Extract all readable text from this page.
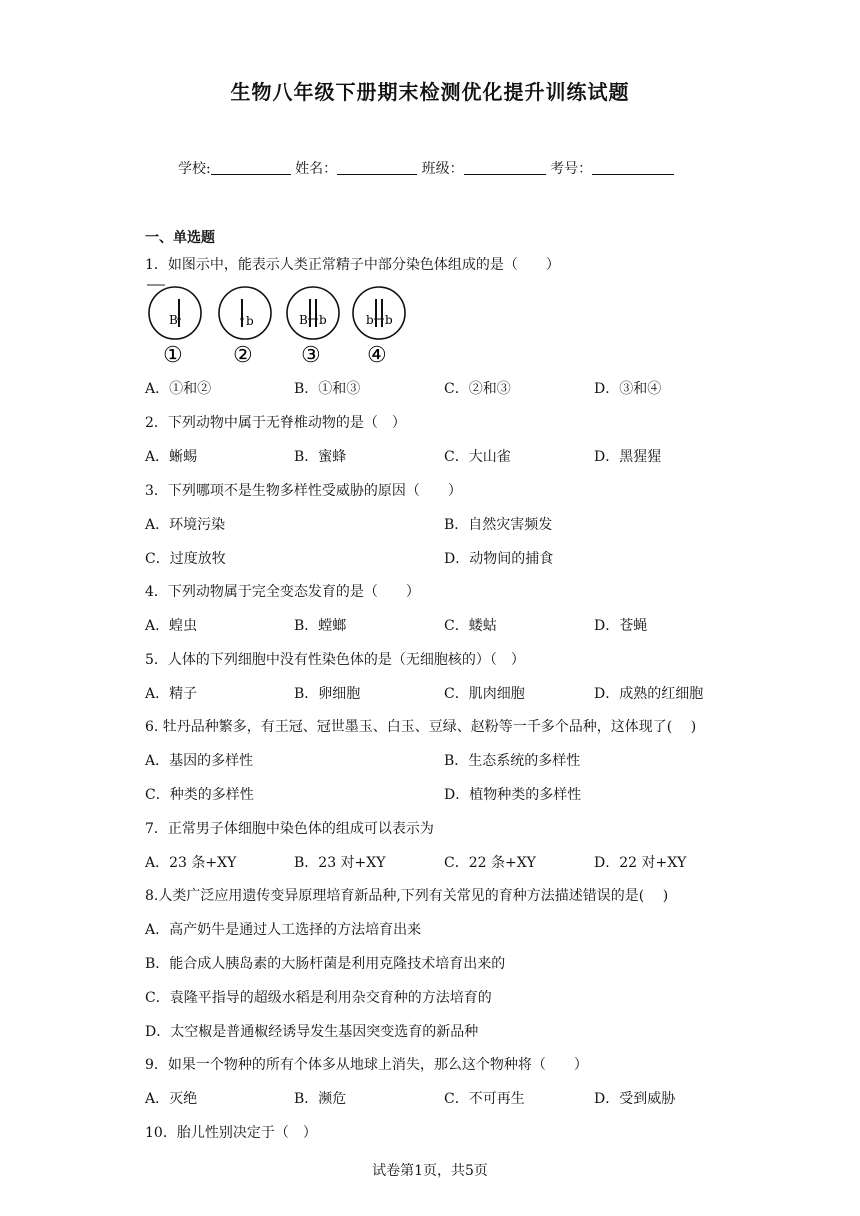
生物八年级下册期末检测优化提升训练试题
学校:	姓名：	班级：	考号：
一、单选题
1．如图示中，能表示人类正常精子中部分染色体组成的是（　　）
B
①
b
②
B b
③
b b
④
A．①和②	B．①和③	C．②和③	D．③和④
2．下列动物中属于无脊椎动物的是（　）
A．蜥蜴	B．蜜蜂	C．大山雀	D．黑猩猩
3．下列哪项不是生物多样性受威胁的原因（　　）
A．环境污染	B．自然灾害频发
C．过度放牧	D．动物间的捕食
4．下列动物属于完全变态发育的是（　　）
A．蝗虫	B．螳螂	C．蝼蛄	D．苍蝇
5．人体的下列细胞中没有性染色体的是（无细胞核的）（　）
A．精子	B．卵细胞	C．肌肉细胞	D．成熟的红细胞
6. 牡丹品种繁多，有王冠、冠世墨玉、白玉、豆绿、赵粉等一千多个品种，这体现了(　 )
A．基因的多样性	B．生态系统的多样性
C．种类的多样性	D．植物种类的多样性
7．正常男子体细胞中染色体的组成可以表示为
A．23 条+XY	B．23 对+XY	C．22 条+XY	D．22 对+XY
8.人类广泛应用遗传变异原理培育新品种,下列有关常见的育种方法描述错误的是(　 )
A．高产奶牛是通过人工选择的方法培育出来
B．能合成人胰岛素的大肠杆菌是利用克隆技术培育出来的
C．袁隆平指导的超级水稻是利用杂交育种的方法培育的
D．太空椒是普通椒经诱导发生基因突变选育的新品种
9．如果一个物种的所有个体多从地球上消失，那么这个物种将（　　）
A．灭绝	B．濒危	C．不可再生	D．受到威胁
10．胎儿性别决定于（　）
试卷第1页，共5页
